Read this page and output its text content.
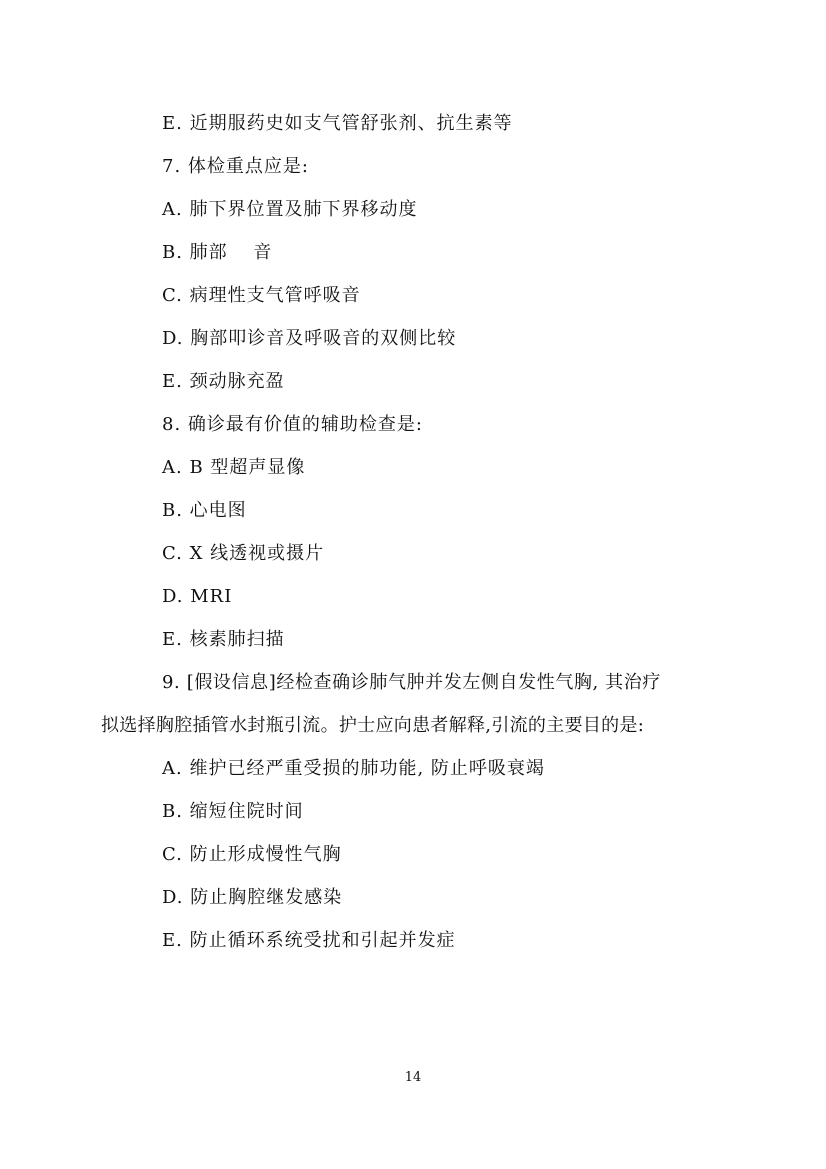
E. 近期服药史如支气管舒张剂、抗生素等
7. 体检重点应是:
A. 肺下界位置及肺下界移动度
B. 肺部　 音
C. 病理性支气管呼吸音
D. 胸部叩诊音及呼吸音的双侧比较
E. 颈动脉充盈
8. 确诊最有价值的辅助检查是:
A. B 型超声显像
B. 心电图
C. X 线透视或摄片
D. MRI
E. 核素肺扫描
9. [假设信息]经检查确诊肺气肿并发左侧自发性气胸, 其治疗
拟选择胸腔插管水封瓶引流。护士应向患者解释,引流的主要目的是:
A. 维护已经严重受损的肺功能, 防止呼吸衰竭
B. 缩短住院时间
C. 防止形成慢性气胸
D. 防止胸腔继发感染
E. 防止循环系统受扰和引起并发症
14
